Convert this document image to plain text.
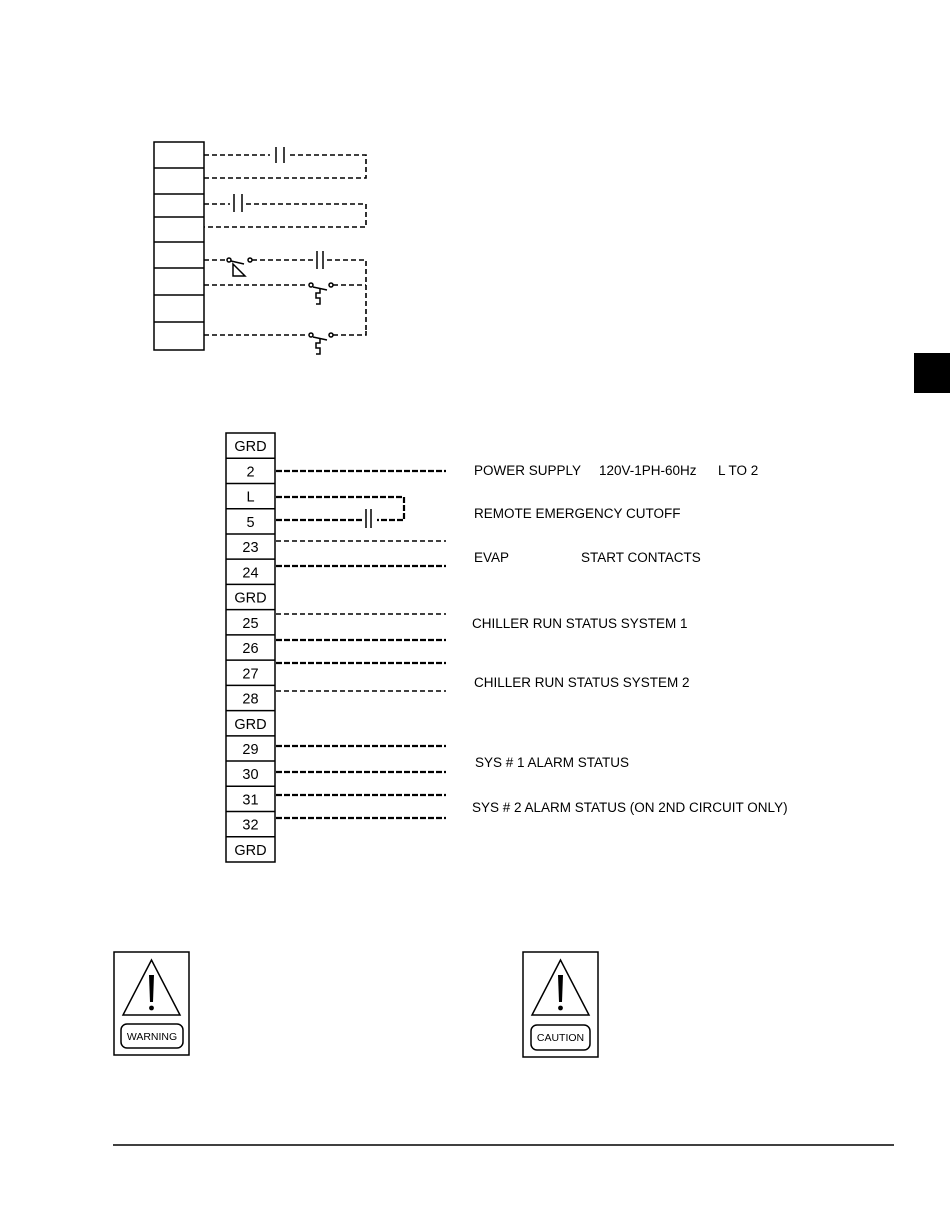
GRD
2
L
5
23
24
GRD
25
26
27
28
GRD
29
30
31
32
GRD
POWER SUPPLY 120V-1PH-60Hz L TO 2
REMOTE EMERGENCY CUTOFF
EVAP	START CONTACTS
CHILLER RUN STATUS SYSTEM 1
CHILLER RUN STATUS SYSTEM 2
SYS # 1 ALARM STATUS
SYS # 2 ALARM STATUS (ON 2ND CIRCUIT ONLY)
WARNING	CAUTION
